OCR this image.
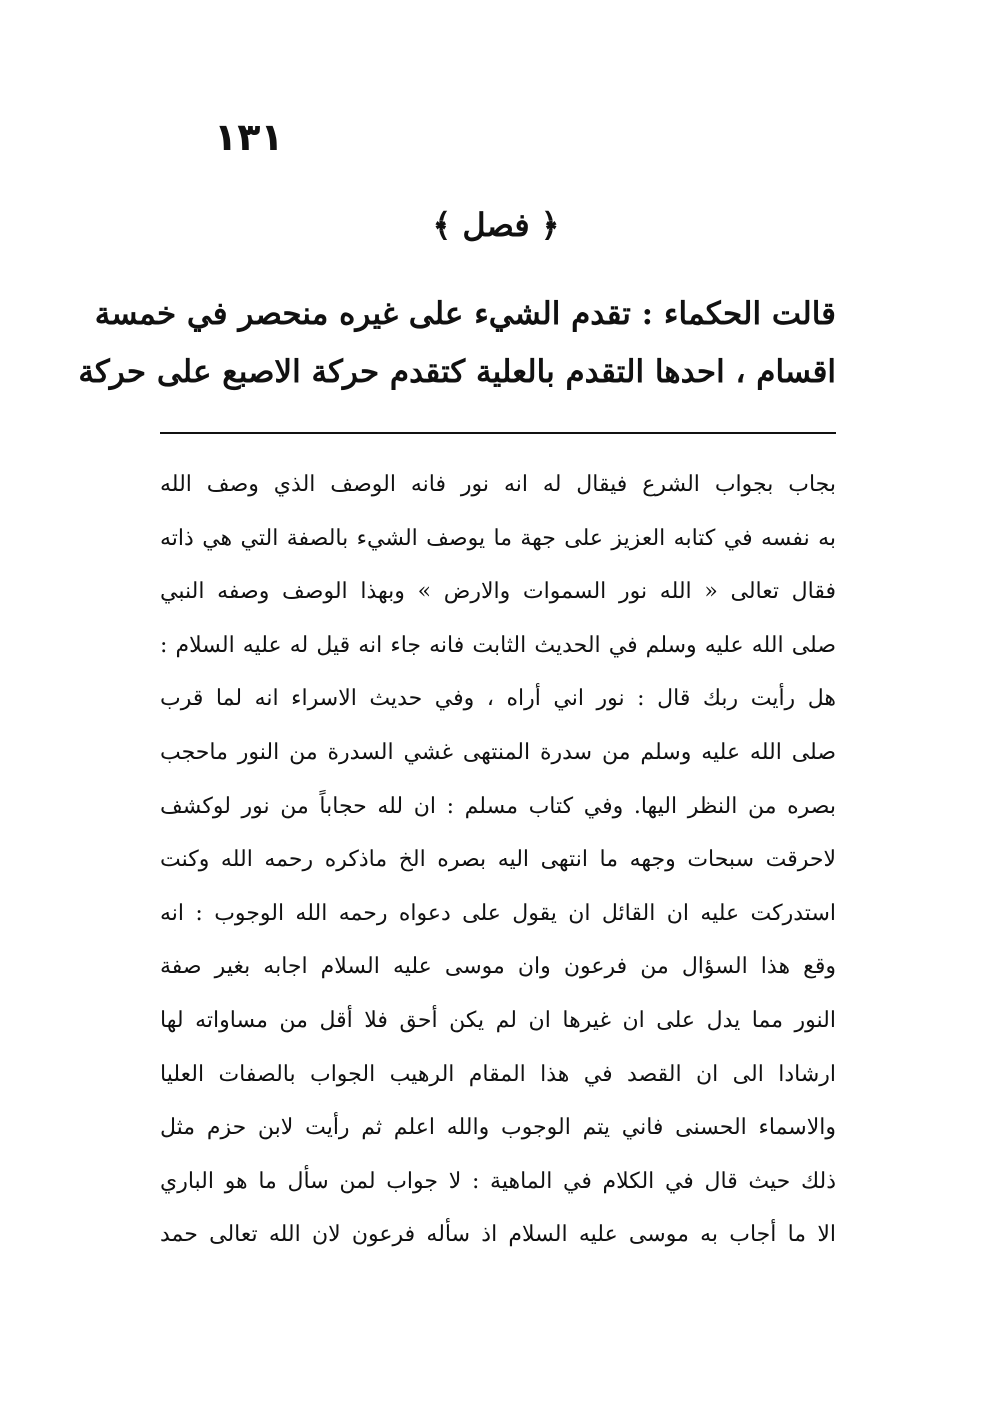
١٣١
﴿ فصل ﴾
قالت الحكماء : تقدم الشيء على غيره منحصر في خمسة
اقسام ، احدها التقدم بالعلية كتقدم حركة الاصبع على حركة
بجاب بجواب الشرع فيقال له انه نور فانه الوصف الذي وصف الله
به نفسه في كتابه العزيز على جهة ما يوصف الشيء بالصفة التي هي ذاته
فقال تعالى « الله نور السموات والارض » وبهذا الوصف وصفه النبي
صلى الله عليه وسلم في الحديث الثابت فانه جاء انه قيل له عليه السلام :
هل رأيت ربك قال : نور اني أراه ، وفي حديث الاسراء انه لما قرب
صلى الله عليه وسلم من سدرة المنتهى غشي السدرة من النور ماحجب
بصره من النظر اليها. وفي كتاب مسلم : ان لله حجاباً من نور لوكشف
لاحرقت سبحات وجهه ما انتهى اليه بصره الخ ماذكره رحمه الله وكنت
استدركت عليه ان القائل ان يقول على دعواه رحمه الله الوجوب : انه
وقع هذا السؤال من فرعون وان موسى عليه السلام اجابه بغير صفة
النور مما يدل على ان غيرها ان لم يكن أحق فلا أقل من مساواته لها
ارشادا الى ان القصد في هذا المقام الرهيب الجواب بالصفات العليا
والاسماء الحسنى فاني يتم الوجوب والله اعلم ثم رأيت لابن حزم مثل
ذلك حيث قال في الكلام في الماهية : لا جواب لمن سأل ما هو الباري
الا ما أجاب به موسى عليه السلام اذ سأله فرعون لان الله تعالى حمد
